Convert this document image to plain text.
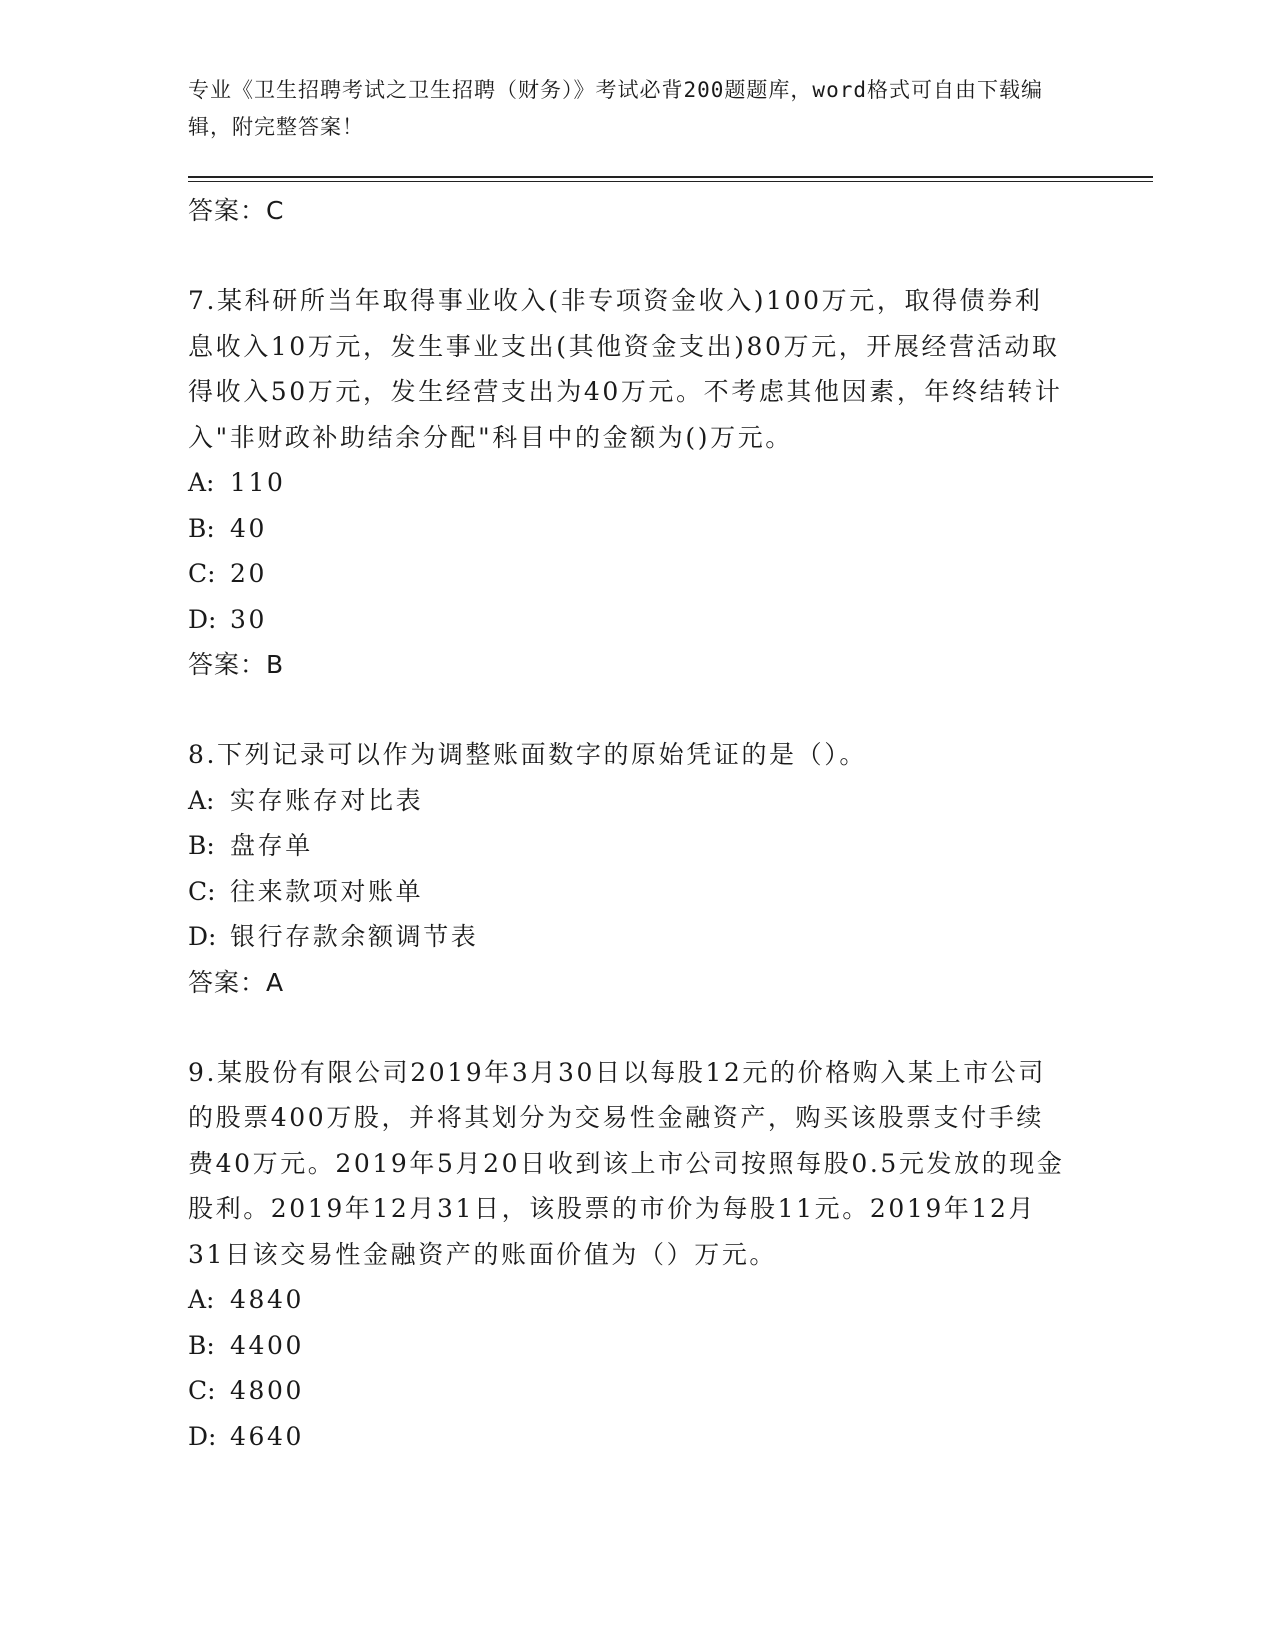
专业《卫生招聘考试之卫生招聘（财务）》考试必背200题题库，word格式可自由下载编辑，附完整答案！
答案：C
7.某科研所当年取得事业收入(非专项资金收入)100万元，取得债券利息收入10万元，发生事业支出(其他资金支出)80万元，开展经营活动取得收入50万元，发生经营支出为40万元。不考虑其他因素，年终结转计入"非财政补助结余分配"科目中的金额为()万元。
A: 110
B: 40
C: 20
D: 30
答案：B
8.下列记录可以作为调整账面数字的原始凭证的是（）。
A: 实存账存对比表
B: 盘存单
C: 往来款项对账单
D: 银行存款余额调节表
答案：A
9.某股份有限公司2019年3月30日以每股12元的价格购入某上市公司的股票400万股，并将其划分为交易性金融资产，购买该股票支付手续费40万元。2019年5月20日收到该上市公司按照每股0.5元发放的现金股利。2019年12月31日，该股票的市价为每股11元。2019年12月31日该交易性金融资产的账面价值为（）万元。
A: 4840
B: 4400
C: 4800
D: 4640
